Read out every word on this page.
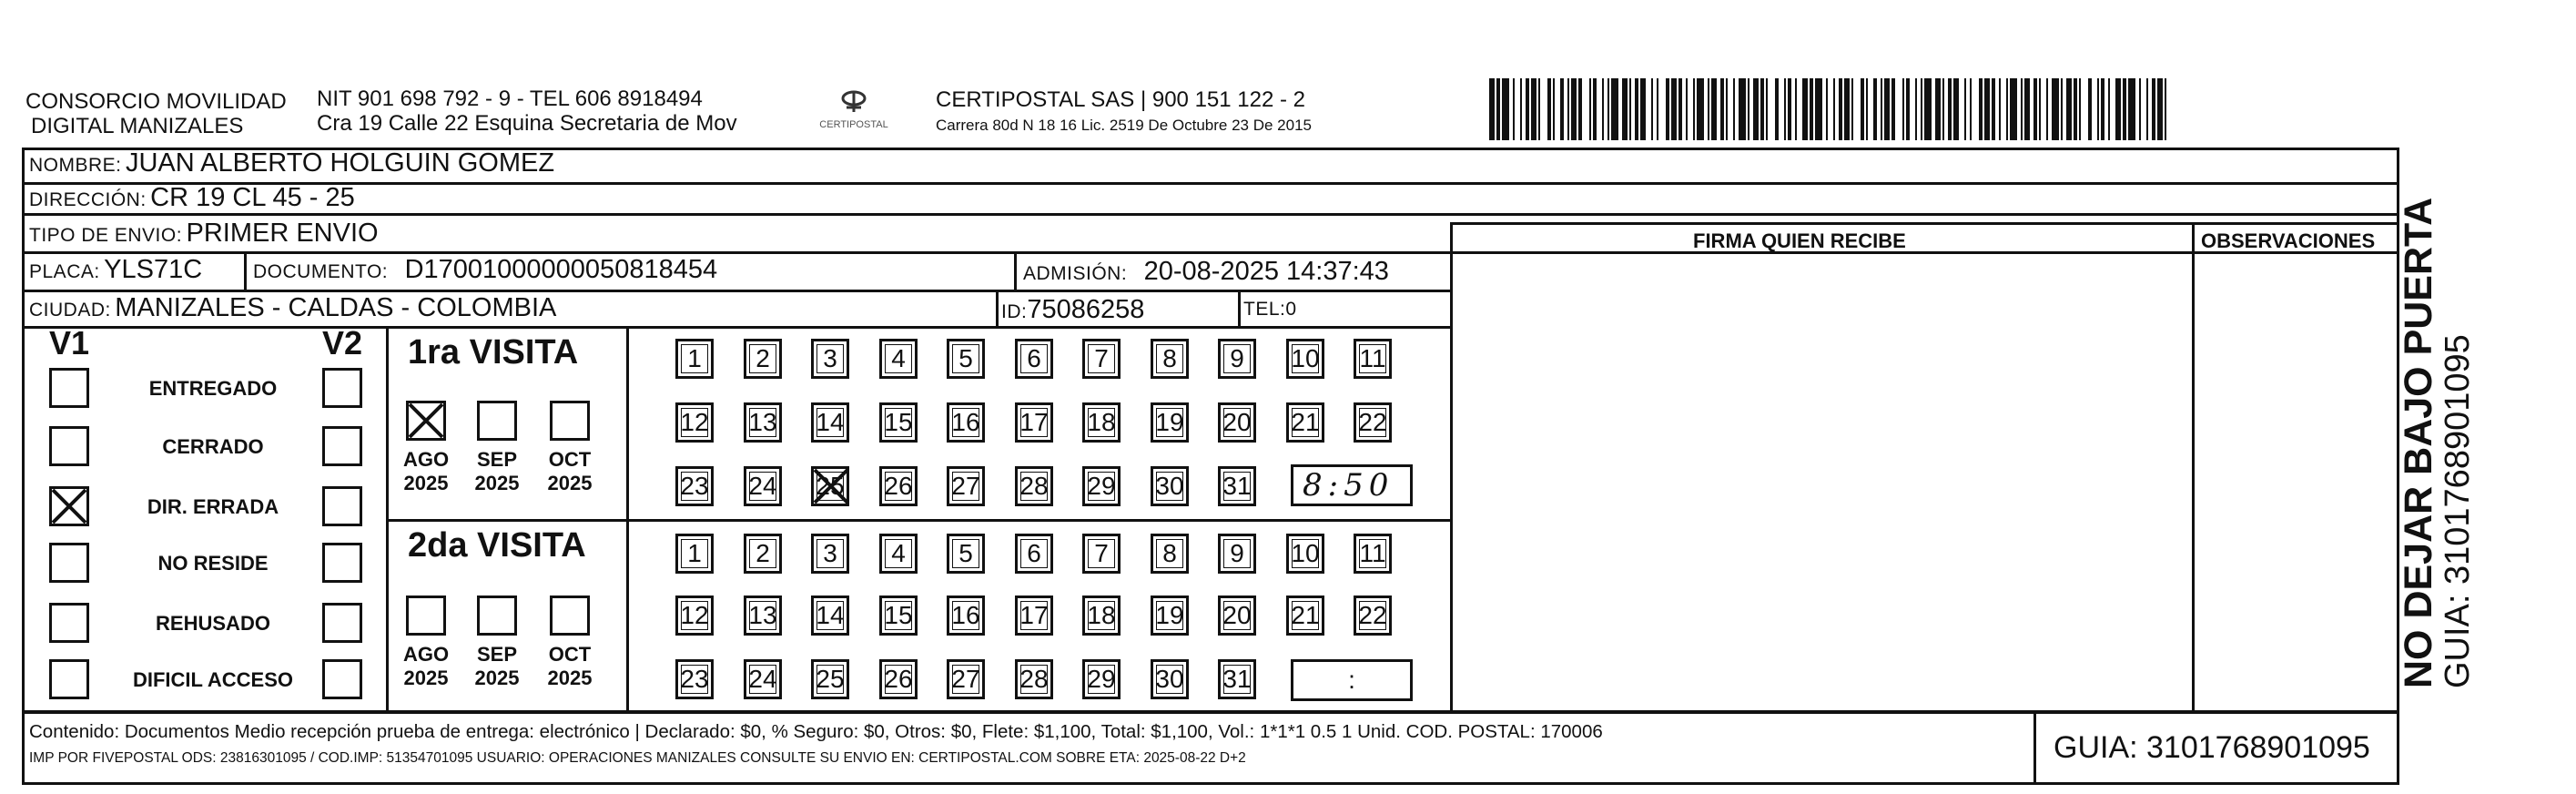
CONSORCIO MOVILIDAD
DIGITAL MANIZALES
NIT 901 698 792 - 9 - TEL 606 8918494
Cra 19 Calle 22 Esquina Secretaria de Mov	CERTIPOSTAL
CERTIPOSTAL SAS | 900 151 122 - 2
Carrera 80d N 18 16 Lic. 2519 De Octubre 23 De 2015
NOMBRE: JUAN ALBERTO HOLGUIN GOMEZ
DIRECCIÓN: CR 19 CL 45 - 25
TIPO DE ENVIO: PRIMER ENVIO	FIRMA QUIEN RECIBE	OBSERVACIONES
PLACA: YLS71C	DOCUMENTO: D17001000000050818454	ADMISIÓN: 20-08-2025 14:37:43
CIUDAD: MANIZALES - CALDAS - COLOMBIA	ID:75086258	TEL:0
V1	V2
ENTREGADO
CERRADO
DIR. ERRADA
NO RESIDE
REHUSADO
DIFICIL ACCESO
1ra VISITA
2da VISITA
AGO
2025
SEP
2025
OCT
2025
AGO
2025
SEP
2025
OCT
2025
1	2	3	4	5	6	7	8	9	10 11
12 13 14 15 16 17 18 19 20 21 22
23 24 25 26 27 28 29 30 31
1	2	3	4	5	6	7	8	9	10 11
12 13 14 15 16 17 18 19 20 21 22
23 24 25 26 27 28 29 30 31
8:50
:
Contenido: Documentos Medio recepción prueba de entrega: electrónico | Declarado: $0, % Seguro: $0, Otros: $0, Flete: $1,100, Total: $1,100, Vol.: 1*1*1 0.5 1 Unid. COD. POSTAL: 170006
IMP POR FIVEPOSTAL ODS: 23816301095 / COD.IMP: 51354701095 USUARIO: OPERACIONES MANIZALES CONSULTE SU ENVIO EN: CERTIPOSTAL.COM SOBRE ETA: 2025-08-22 D+2	GUIA: 3101768901095
NO DEJAR BAJO PUERTA
GUIA: 3101768901095
